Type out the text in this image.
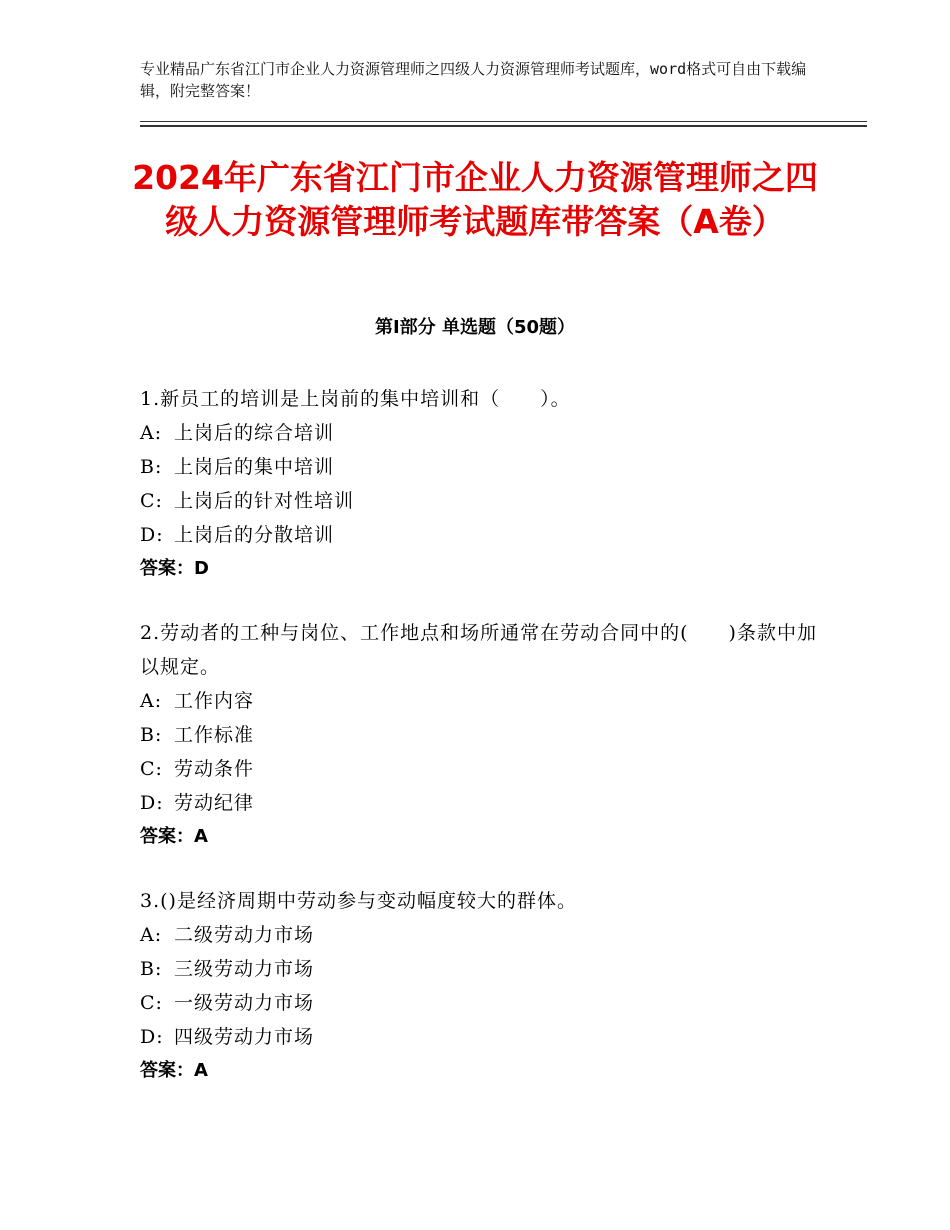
专业精品广东省江门市企业人力资源管理师之四级人力资源管理师考试题库，word格式可自由下载编辑，附完整答案！
2024年广东省江门市企业人力资源管理师之四级人力资源管理师考试题库带答案（A卷）
第Ⅰ部分 单选题（50题）
1.新员工的培训是上岗前的集中培训和（　　）。
A: 上岗后的综合培训
B: 上岗后的集中培训
C: 上岗后的针对性培训
D: 上岗后的分散培训
答案：D
2.劳动者的工种与岗位、工作地点和场所通常在劳动合同中的(　　)条款中加以规定。
A: 工作内容
B: 工作标准
C: 劳动条件
D: 劳动纪律
答案：A
3.()是经济周期中劳动参与变动幅度较大的群体。
A: 二级劳动力市场
B: 三级劳动力市场
C: 一级劳动力市场
D: 四级劳动力市场
答案：A
